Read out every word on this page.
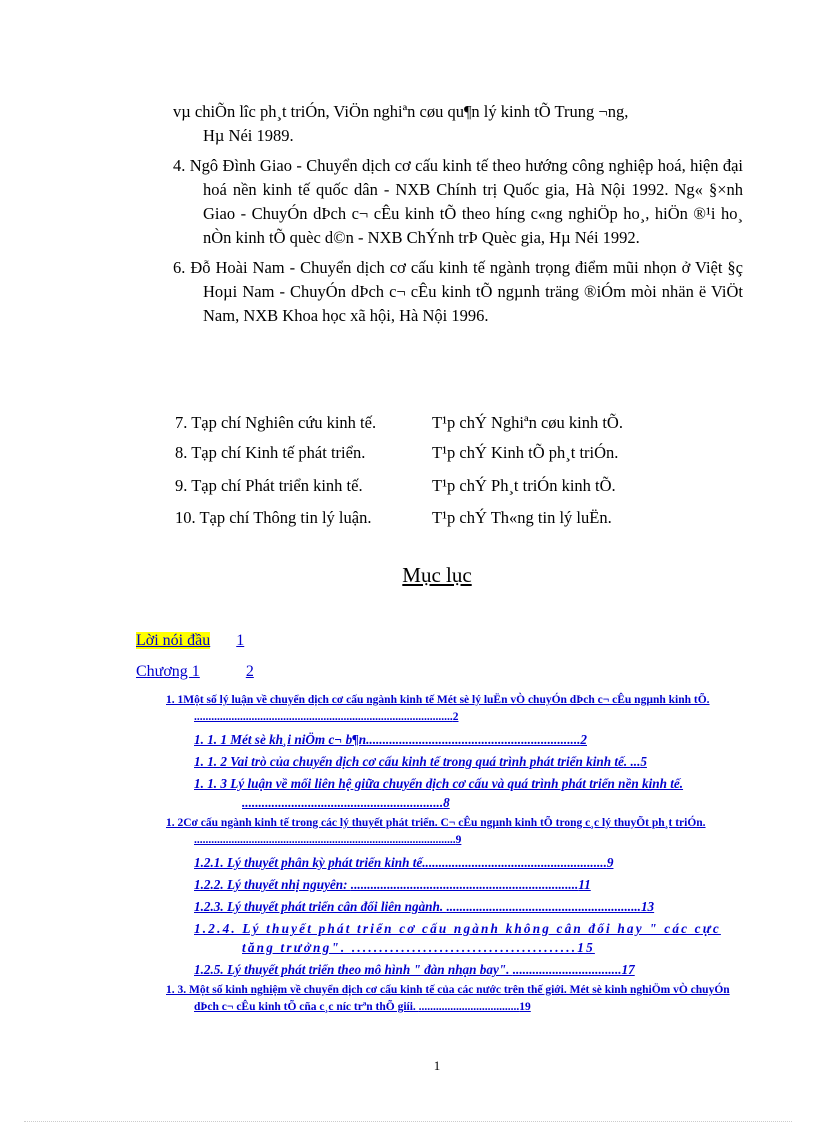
vµ chiÕn lîc ph¸t triÓn, ViÖn nghiªn cøu qu¶n lý kinh tÕ Trung ¬ng,
Hµ Néi 1989.
4. Ngô Đình Giao - Chuyển dịch cơ cấu kinh tế theo hướng công nghiệp hoá, hiện đại hoá nền kinh tế quốc dân - NXB Chính trị Quốc gia, Hà Nội 1992. Ng« §×nh Giao - ChuyÓn dÞch c¬ cÊu kinh tÕ theo híng c«ng nghiÖp ho¸, hiÖn ®¹i ho¸ nÒn kinh tÕ quèc d©n - NXB ChÝnh trÞ Quèc gia, Hµ Néi 1992.
6. Đỗ Hoài Nam - Chuyển dịch cơ cấu kinh tế ngành trọng điểm mũi nhọn ở Việt §ç Hoµi Nam - ChuyÓn dÞch c¬ cÊu kinh tÕ ngµnh träng ®iÓm mòi nhän ë ViÖt Nam, NXB Khoa học xã hội, Hà Nội 1996.
7. Tạp chí Nghiên cứu kinh tế.	T¹p chÝ Nghiªn cøu kinh tÕ.
8. Tạp chí Kinh tế phát triển.	T¹p chÝ Kinh tÕ ph¸t triÓn.
9. Tạp chí Phát triển kinh tế.	T¹p chÝ Ph¸t triÓn kinh tÕ.
10. Tạp chí Thông tin lý luận.	T¹p chÝ Th«ng tin lý luËn.
Mục lục
Lời nói đầu 1
Chương 1	2
1. 1Một số lý luận về chuyển dịch cơ cấu ngành kinh tế Mét sè lý luËn vÒ chuyÓn dÞch c¬ cÊu ngµnh kinh tÕ. ..........................................................................................2
1. 1. 1 Mét sè kh¸i niÖm c¬ b¶n.................................................................2
1. 1. 2 Vai trò của chuyển dịch cơ cấu kinh tế trong quá trình phát triển kinh tế. ...5
1. 1. 3 Lý luận về mối liên hệ giữa chuyển dịch cơ cấu và quá trình phát triển nền kinh tế. .............................................................8
1. 2Cơ cấu ngành kinh tế trong các lý thuyết phát triển. C¬ cÊu ngµnh kinh tÕ trong c¸c lý thuyÕt ph¸t triÓn. ...........................................................................................9
1.2.1. Lý thuyết phân kỳ phát triển kinh tế........................................................9
1.2.2. Lý thuyết nhị nguyên: .....................................................................11
1.2.3. Lý thuyết phát triển cân đối liên ngành. ...........................................................13
1.2.4. Lý thuyết phát triển cơ cấu ngành không cân đối hay " các cực tăng trưởng". .........................................15
1.2.5. Lý thuyết phát triển theo mô hình " đàn nhạn bay". .................................17
1. 3. Một số kinh nghiệm về chuyển dịch cơ cấu kinh tế của các nước trên thế giới. Mét sè kinh nghiÖm vÒ chuyÓn dÞch c¬ cÊu kinh tÕ cña c¸c níc trªn thÕ giíi. ...................................19
1
